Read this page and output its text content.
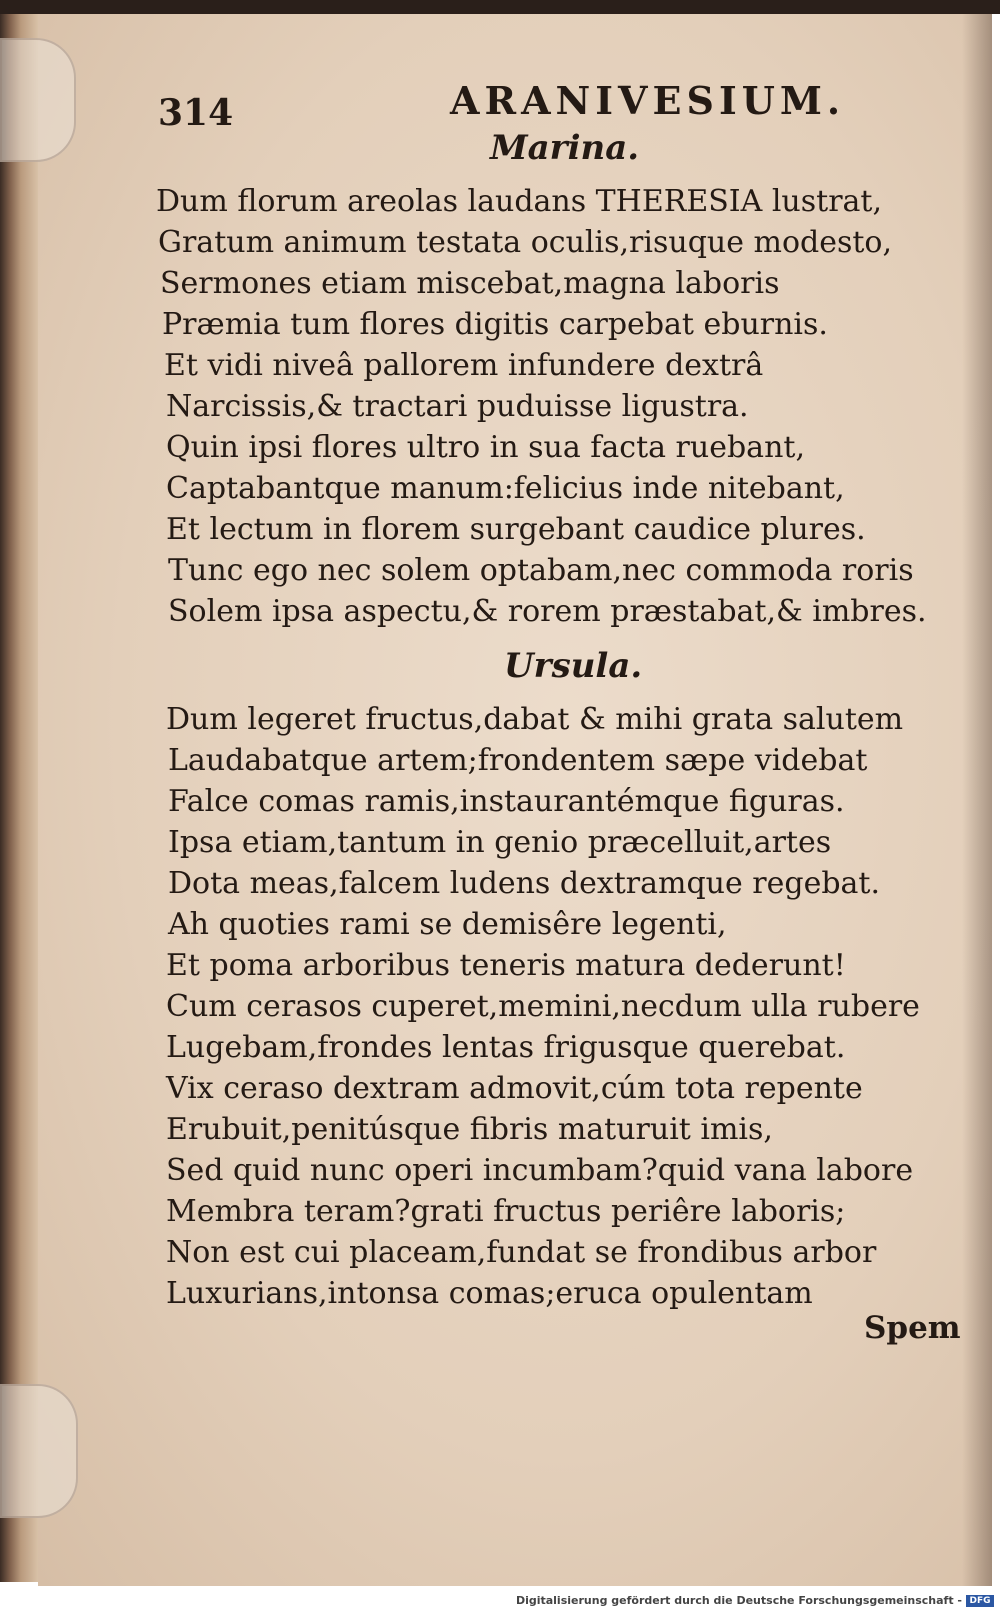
314	ARANIVESIUM.
Marina.
Dum florum areolas laudans THERESIA lustrat,
Gratum animum testata oculis,risuque modesto,
Sermones etiam miscebat,magna laboris
Præmia tum flores digitis carpebat eburnis.
Et vidi niveâ pallorem infundere dextrâ
Narcissis,& tractari puduisse ligustra.
Quin ipsi flores ultro in sua facta ruebant,
Captabantque manum:felicius inde nitebant,
Et lectum in florem surgebant caudice plures.
Tunc ego nec solem optabam,nec commoda roris
Solem ipsa aspectu,& rorem præstabat,& imbres.
Ursula.
Dum legeret fructus,dabat & mihi grata salutem
Laudabatque artem;frondentem sæpe videbat
Falce comas ramis,instaurantémque figuras.
Ipsa etiam,tantum in genio præcelluit,artes
Dota meas,falcem ludens dextramque regebat.
Ah quoties rami se demisêre legenti,
Et poma arboribus teneris matura dederunt!
Cum cerasos cuperet,memini,necdum ulla rubere
Lugebam,frondes lentas frigusque querebat.
Vix ceraso dextram admovit,cúm tota repente
Erubuit,penitúsque fibris maturuit imis,
Sed quid nunc operi incumbam?quid vana labore
Membra teram?grati fructus periêre laboris;
Non est cui placeam,fundat se frondibus arbor
Luxurians,intonsa comas;eruca opulentam
Spem
Digitalisierung gefördert durch die Deutsche Forschungsgemeinschaft - DFG
